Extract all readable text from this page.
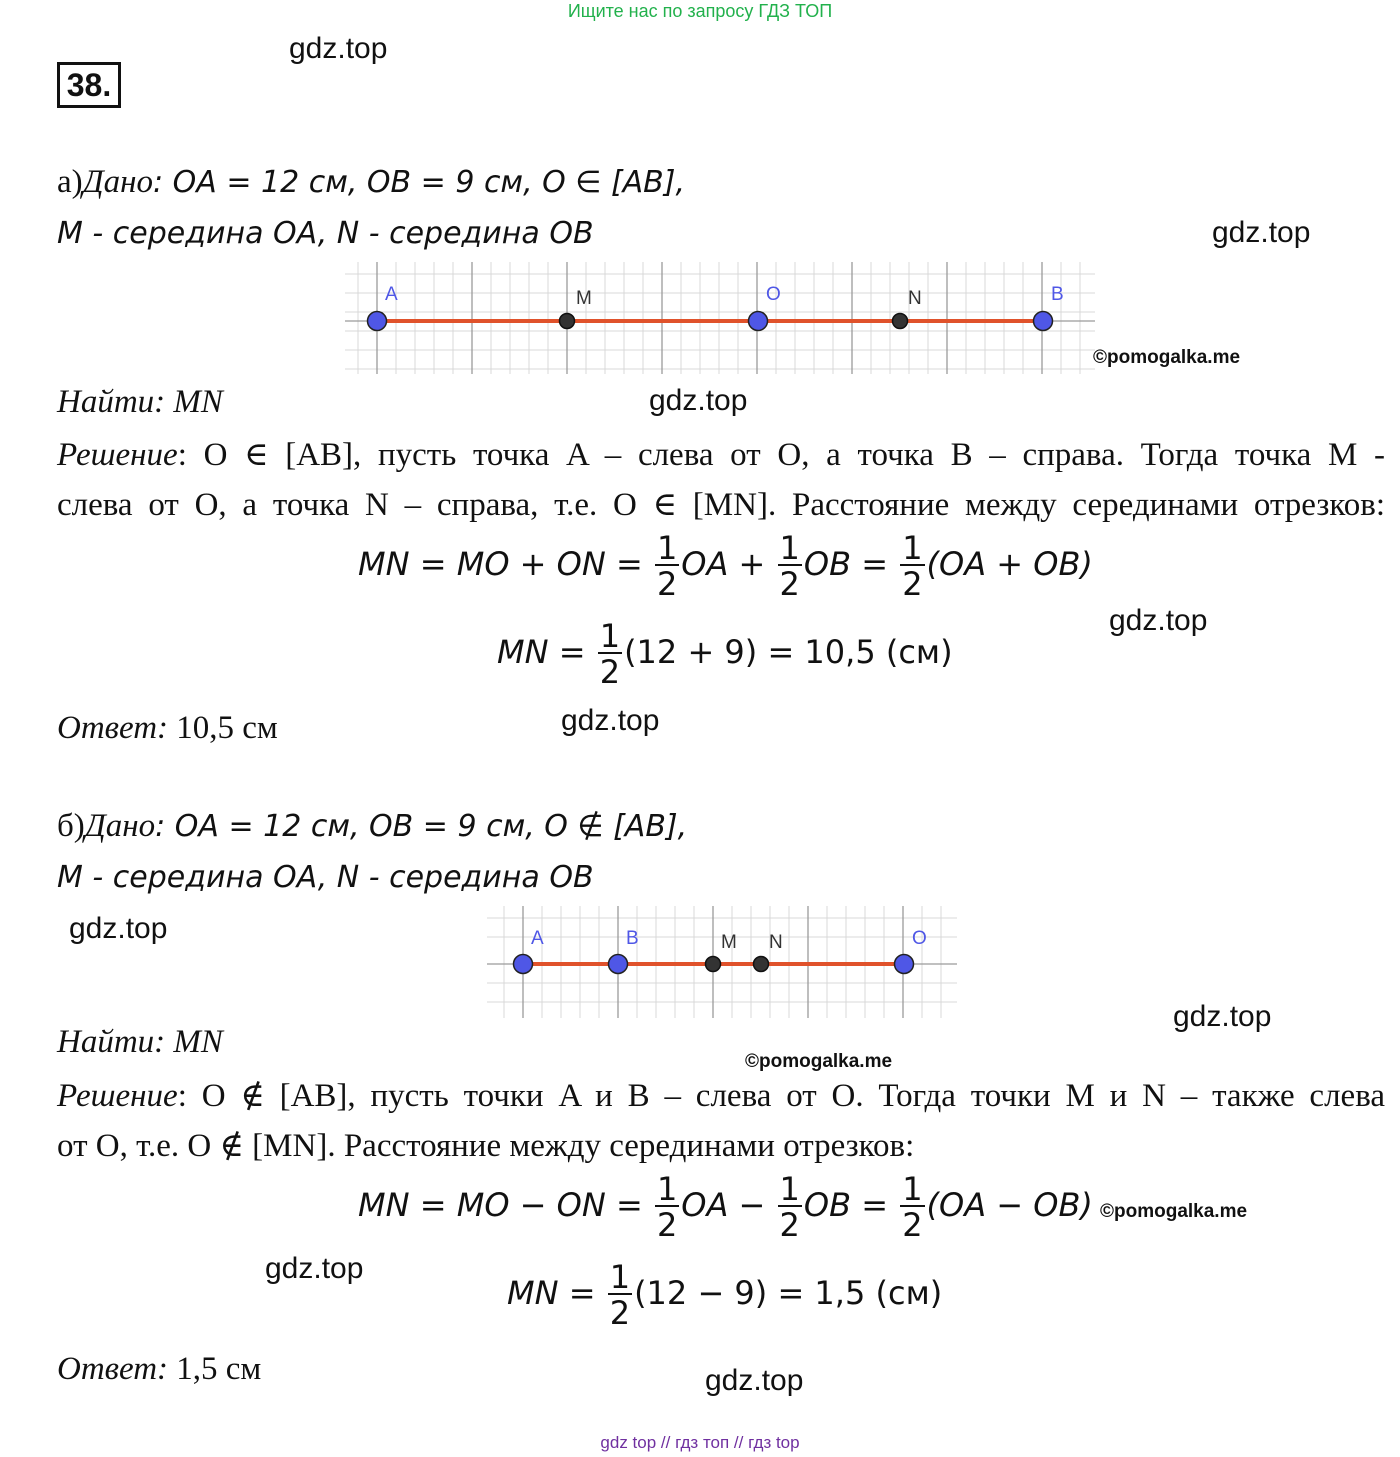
Ищите нас по запросу ГДЗ ТОП
38.
gdz.top
gdz.top
gdz.top
gdz.top
gdz.top
gdz.top
gdz.top
gdz.top
gdz.top
©pomogalka.me
©pomogalka.me
©pomogalka.me
а)Дано: OA = 12 см, OB = 9 см, O ∈ [AB],
M - середина OA, N - середина OB
A	M	O	N	B
Найти: MN
Решение: O ∈ [AB], пусть точка A – слева от O, а точка B – справа. Тогда точка M -
слева от O, а точка N – справа, т.е. O ∈ [MN]. Расстояние между серединами отрезков:
MN = MO + ON = $\frac{1}{2}$ OA + $\frac{1}{2}$ OB = $\frac{1}{2} (OA + OB)$
MN = $\frac{1}{2} (12 + 9) = 10,5$ (см)
Ответ: 10,5 см
б)Дано: OA = 12 см, OB = 9 см, O ∉ [AB],
M - середина OA, N - середина OB
A	B	M N	O
Найти: MN
Решение: O ∉ [AB], пусть точки A и B – слева от O. Тогда точки M и N – также слева
от O, т.е. O ∉ [MN]. Расстояние между серединами отрезков:
MN = MO − ON = $\frac{1}{2}$ OA − $\frac{1}{2}$ OB = $\frac{1}{2} (OA - OB)$
MN = $\frac{1}{2} (12 - 9) = 1,5$ (см)
Ответ: 1,5 см
gdz top // гдз топ // гдз top
